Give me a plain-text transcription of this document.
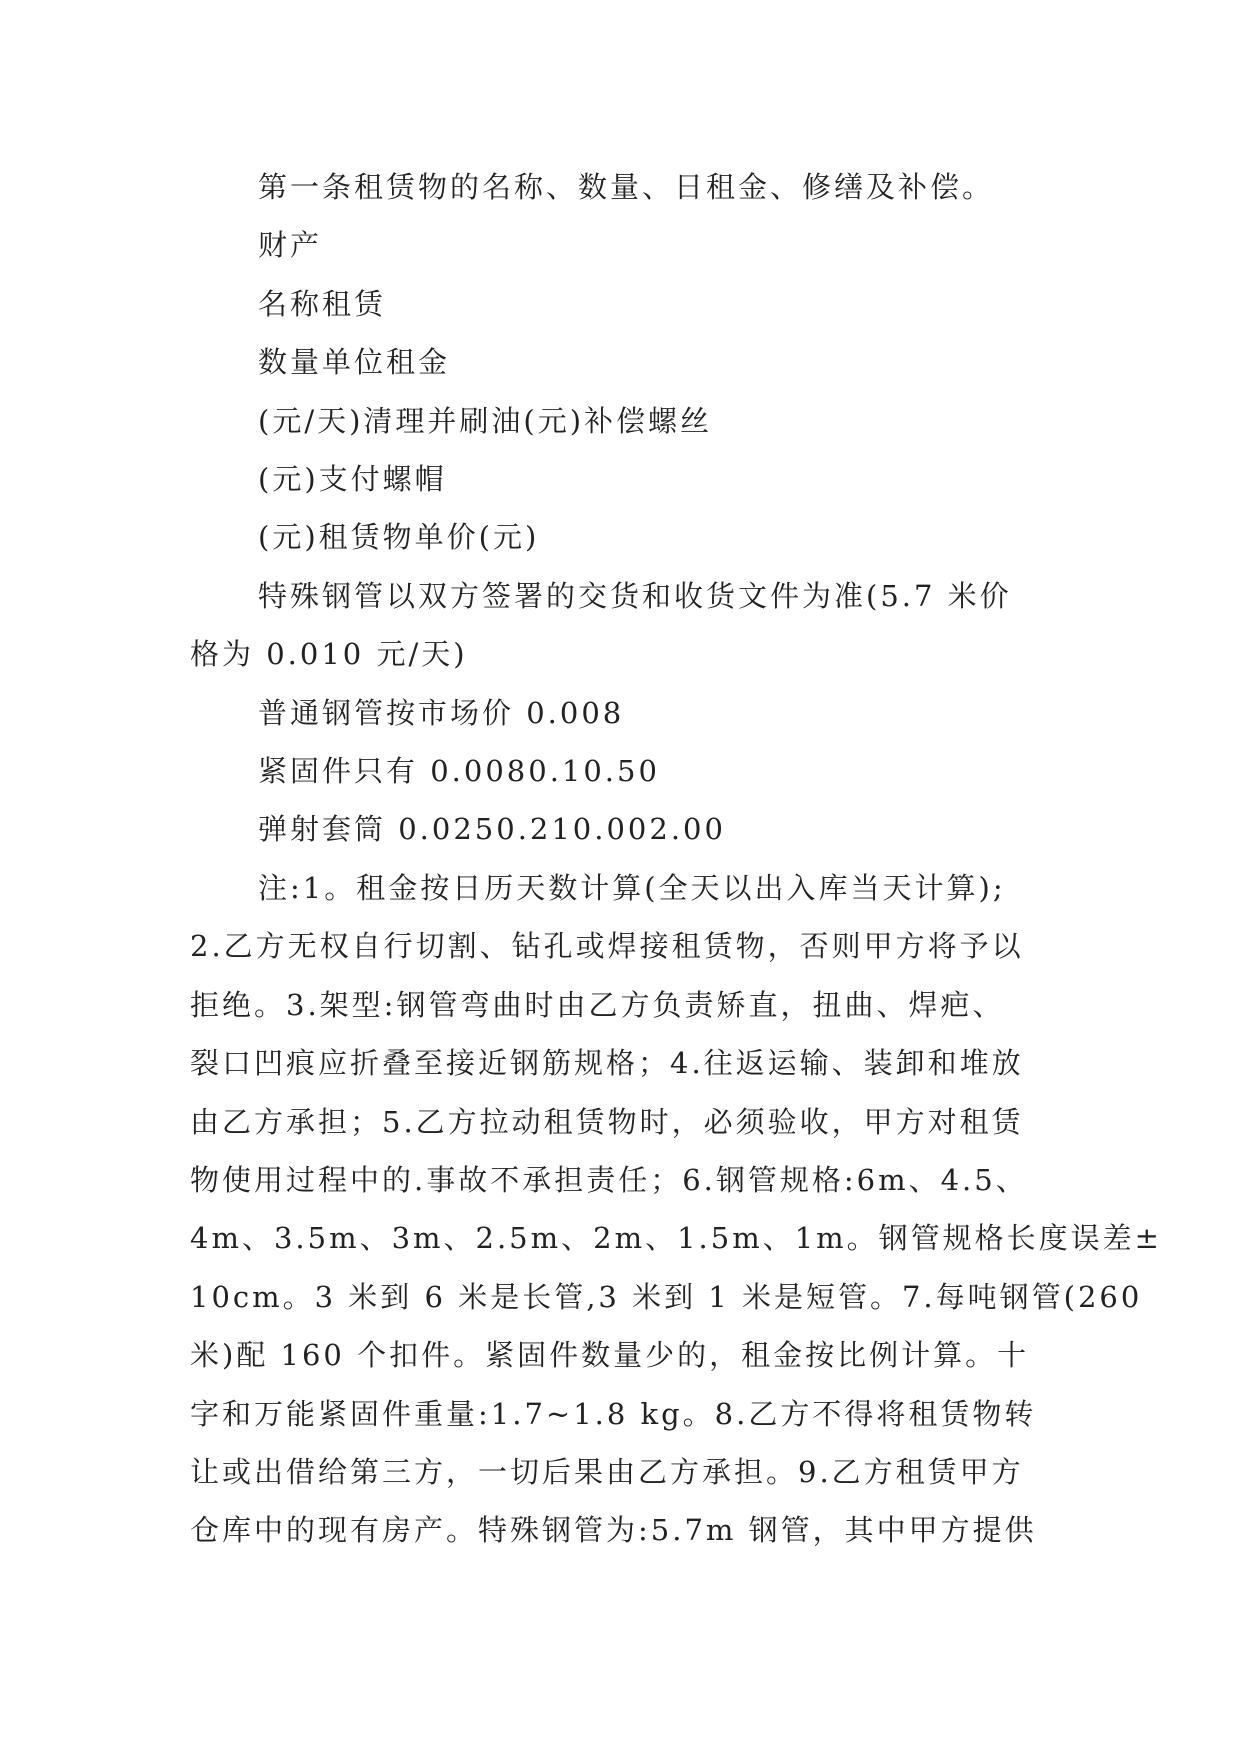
第一条租赁物的名称、数量、日租金、修缮及补偿。

财产

名称租赁

数量单位租金

(元/天)清理并刷油(元)补偿螺丝

(元)支付螺帽

(元)租赁物单价(元)

特殊钢管以双方签署的交货和收货文件为准(5.7 米价

格为 0.010 元/天)

普通钢管按市场价 0.008

紧固件只有 0.0080.10.50

弹射套筒 0.0250.210.002.00

注:1。租金按日历天数计算(全天以出入库当天计算);

2.乙方无权自行切割、钻孔或焊接租赁物，否则甲方将予以

拒绝。3.架型:钢管弯曲时由乙方负责矫直，扭曲、焊疤、

裂口凹痕应折叠至接近钢筋规格；4.往返运输、装卸和堆放

由乙方承担；5.乙方拉动租赁物时，必须验收，甲方对租赁

物使用过程中的.事故不承担责任；6.钢管规格:6m、4.5、

4m、3.5m、3m、2.5m、2m、1.5m、1m。钢管规格长度误差±

10cm。3 米到 6 米是长管,3 米到 1 米是短管。7.每吨钢管(260

米)配 160 个扣件。紧固件数量少的，租金按比例计算。十

字和万能紧固件重量:1.7~1.8 kg。8.乙方不得将租赁物转

让或出借给第三方，一切后果由乙方承担。9.乙方租赁甲方

仓库中的现有房产。特殊钢管为:5.7m 钢管，其中甲方提供
